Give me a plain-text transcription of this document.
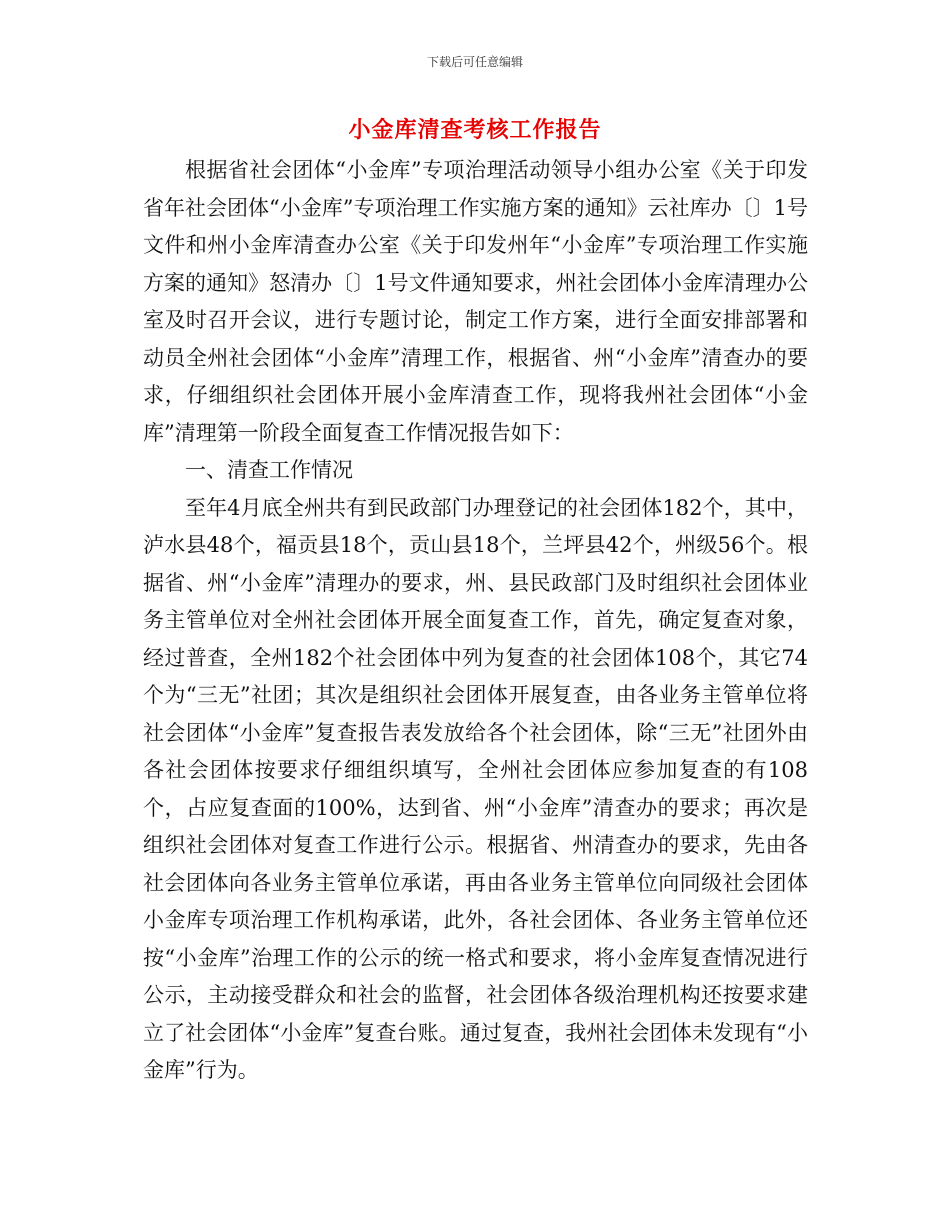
下载后可任意编辑
小金库清查考核工作报告

根据省社会团体“小金库”专项治理活动领导小组办公室《关于印发省年社会团体“小金库”专项治理工作实施方案的通知》云社库办〔〕1号文件和州小金库清查办公室《关于印发州年“小金库”专项治理工作实施方案的通知》怒清办〔〕1号文件通知要求，州社会团体小金库清理办公室及时召开会议，进行专题讨论，制定工作方案，进行全面安排部署和动员全州社会团体“小金库”清理工作，根据省、州“小金库”清查办的要求，仔细组织社会团体开展小金库清查工作，现将我州社会团体“小金库”清理第一阶段全面复查工作情况报告如下：

一、清查工作情况

至年4月底全州共有到民政部门办理登记的社会团体182个，其中，泸水县48个，福贡县18个，贡山县18个，兰坪县42个，州级56个。根据省、州“小金库”清理办的要求，州、县民政部门及时组织社会团体业务主管单位对全州社会团体开展全面复查工作，首先，确定复查对象，经过普查，全州182个社会团体中列为复查的社会团体108个，其它74个为“三无”社团；其次是组织社会团体开展复查，由各业务主管单位将社会团体“小金库”复查报告表发放给各个社会团体，除“三无”社团外由各社会团体按要求仔细组织填写，全州社会团体应参加复查的有108个，占应复查面的100%，达到省、州“小金库”清查办的要求；再次是组织社会团体对复查工作进行公示。根据省、州清查办的要求，先由各社会团体向各业务主管单位承诺，再由各业务主管单位向同级社会团体小金库专项治理工作机构承诺，此外，各社会团体、各业务主管单位还按“小金库”治理工作的公示的统一格式和要求，将小金库复查情况进行公示，主动接受群众和社会的监督，社会团体各级治理机构还按要求建立了社会团体“小金库”复查台账。通过复查，我州社会团体未发现有“小金库”行为。
